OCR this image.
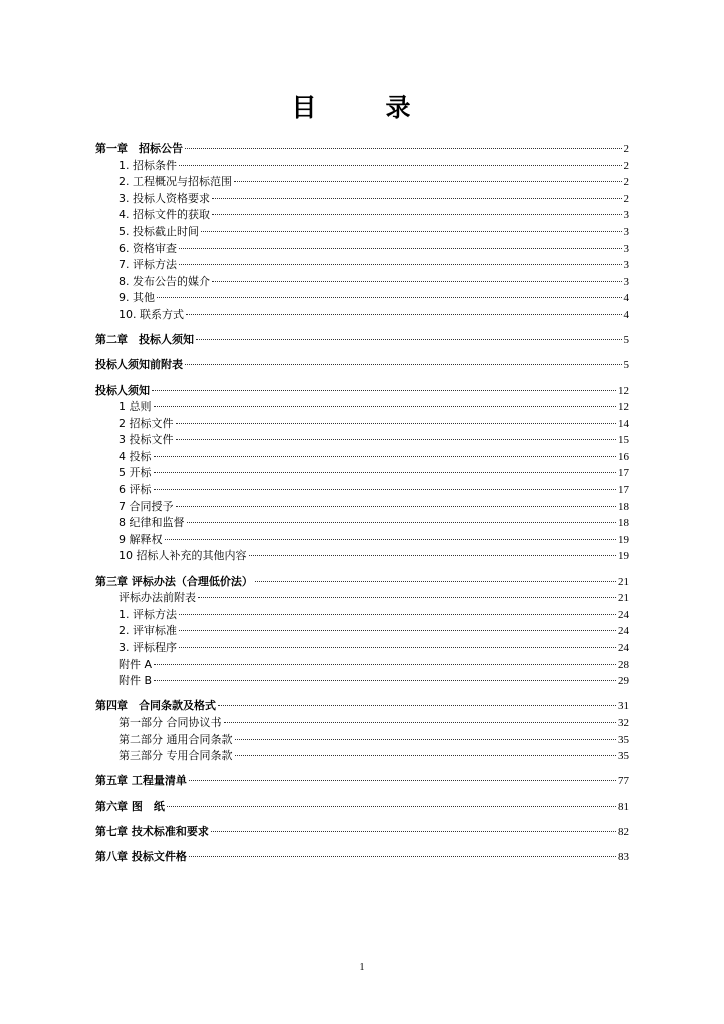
目　录
第一章　招标公告	2
1. 招标条件	2
2. 工程概况与招标范围	2
3. 投标人资格要求	2
4. 招标文件的获取	3
5. 投标截止时间	3
6. 资格审查	3
7. 评标方法	3
8. 发布公告的媒介	3
9. 其他	4
10. 联系方式	4
第二章　投标人须知	5
投标人须知前附表	5
投标人须知	12
1 总则	12
2 招标文件	14
3 投标文件	15
4 投标	16
5 开标	17
6 评标	17
7 合同授予	18
8 纪律和监督	18
9 解释权	19
10 招标人补充的其他内容	19
第三章 评标办法（合理低价法）	21
评标办法前附表	21
1. 评标方法	24
2. 评审标准	24
3. 评标程序	24
附件 A	28
附件 B	29
第四章　合同条款及格式	31
第一部分 合同协议书	32
第二部分 通用合同条款	35
第三部分 专用合同条款	35
第五章 工程量清单	77
第六章 图　纸	81
第七章 技术标准和要求	82
第八章 投标文件格	83
1
